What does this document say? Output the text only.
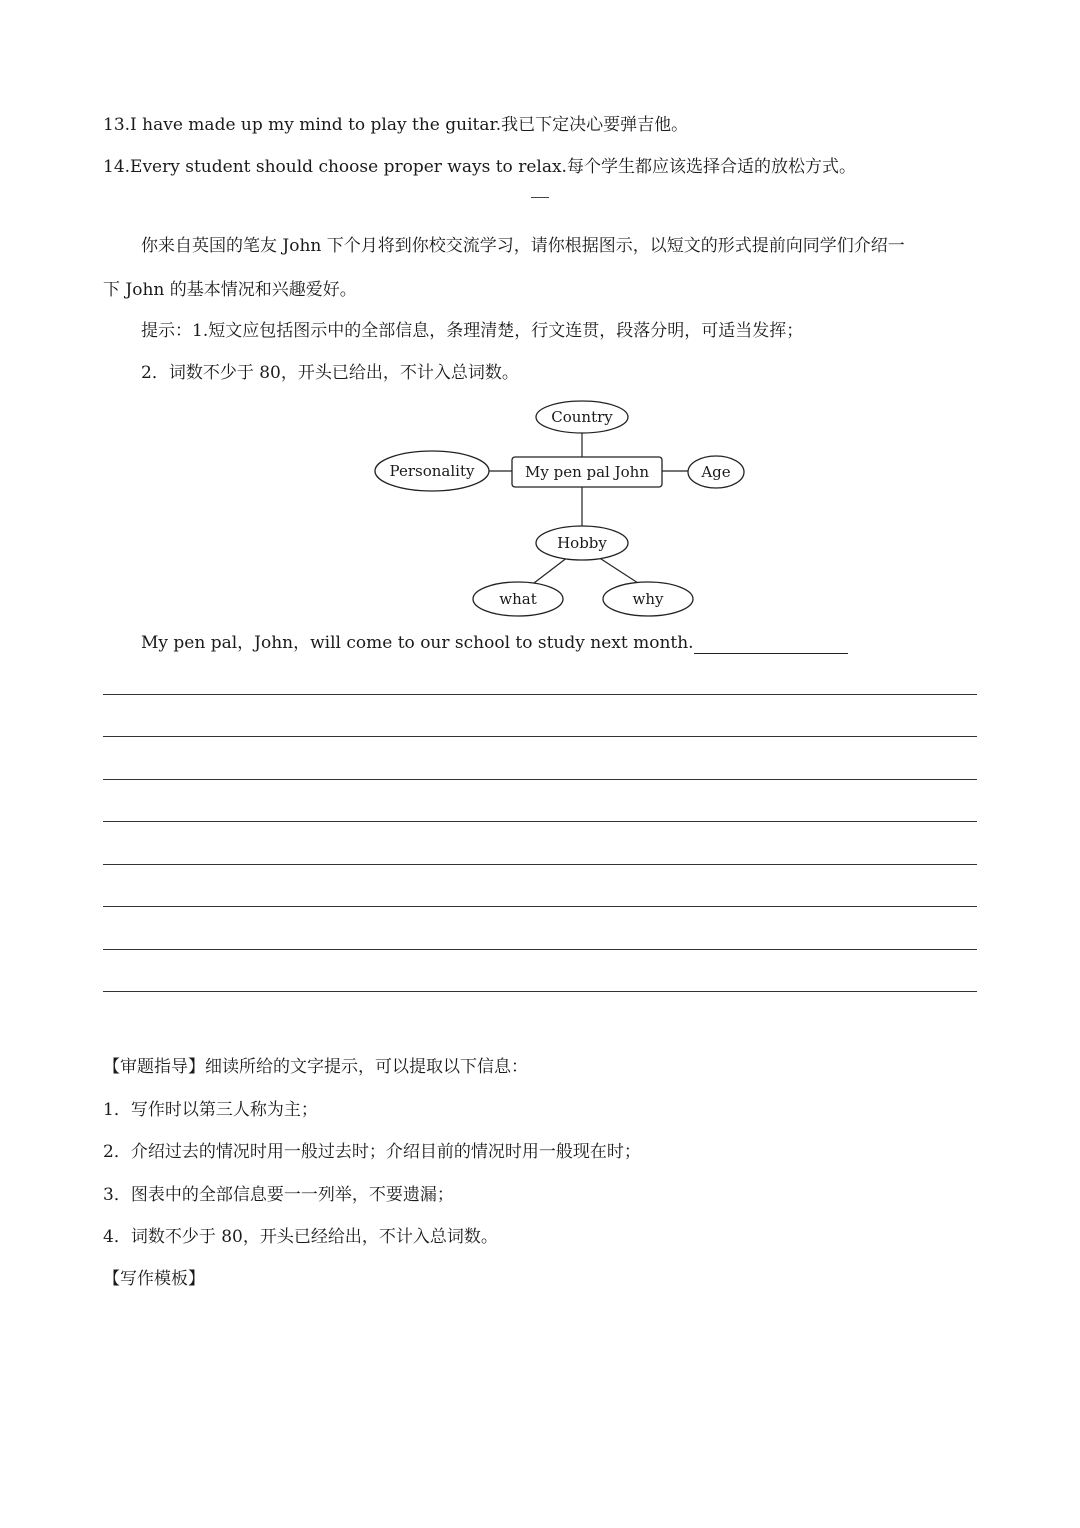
13.I have made up my mind to play the guitar.我已下定决心要弹吉他。
14.Every student should choose proper ways to relax.每个学生都应该选择合适的放松方式。
你来自英国的笔友 John 下个月将到你校交流学习，请你根据图示，以短文的形式提前向同学们介绍一
下 John 的基本情况和兴趣爱好。
提示：1.短文应包括图示中的全部信息，条理清楚，行文连贯，段落分明，可适当发挥；
2．词数不少于 80，开头已给出，不计入总词数。
Country
My pen pal John
Personality	Age
Hobby
what	why
My pen pal，John，will come to our school to study next month.
【审题指导】细读所给的文字提示，可以提取以下信息：
1．写作时以第三人称为主；
2．介绍过去的情况时用一般过去时；介绍目前的情况时用一般现在时；
3．图表中的全部信息要一一列举，不要遗漏；
4．词数不少于 80，开头已经给出，不计入总词数。
【写作模板】
